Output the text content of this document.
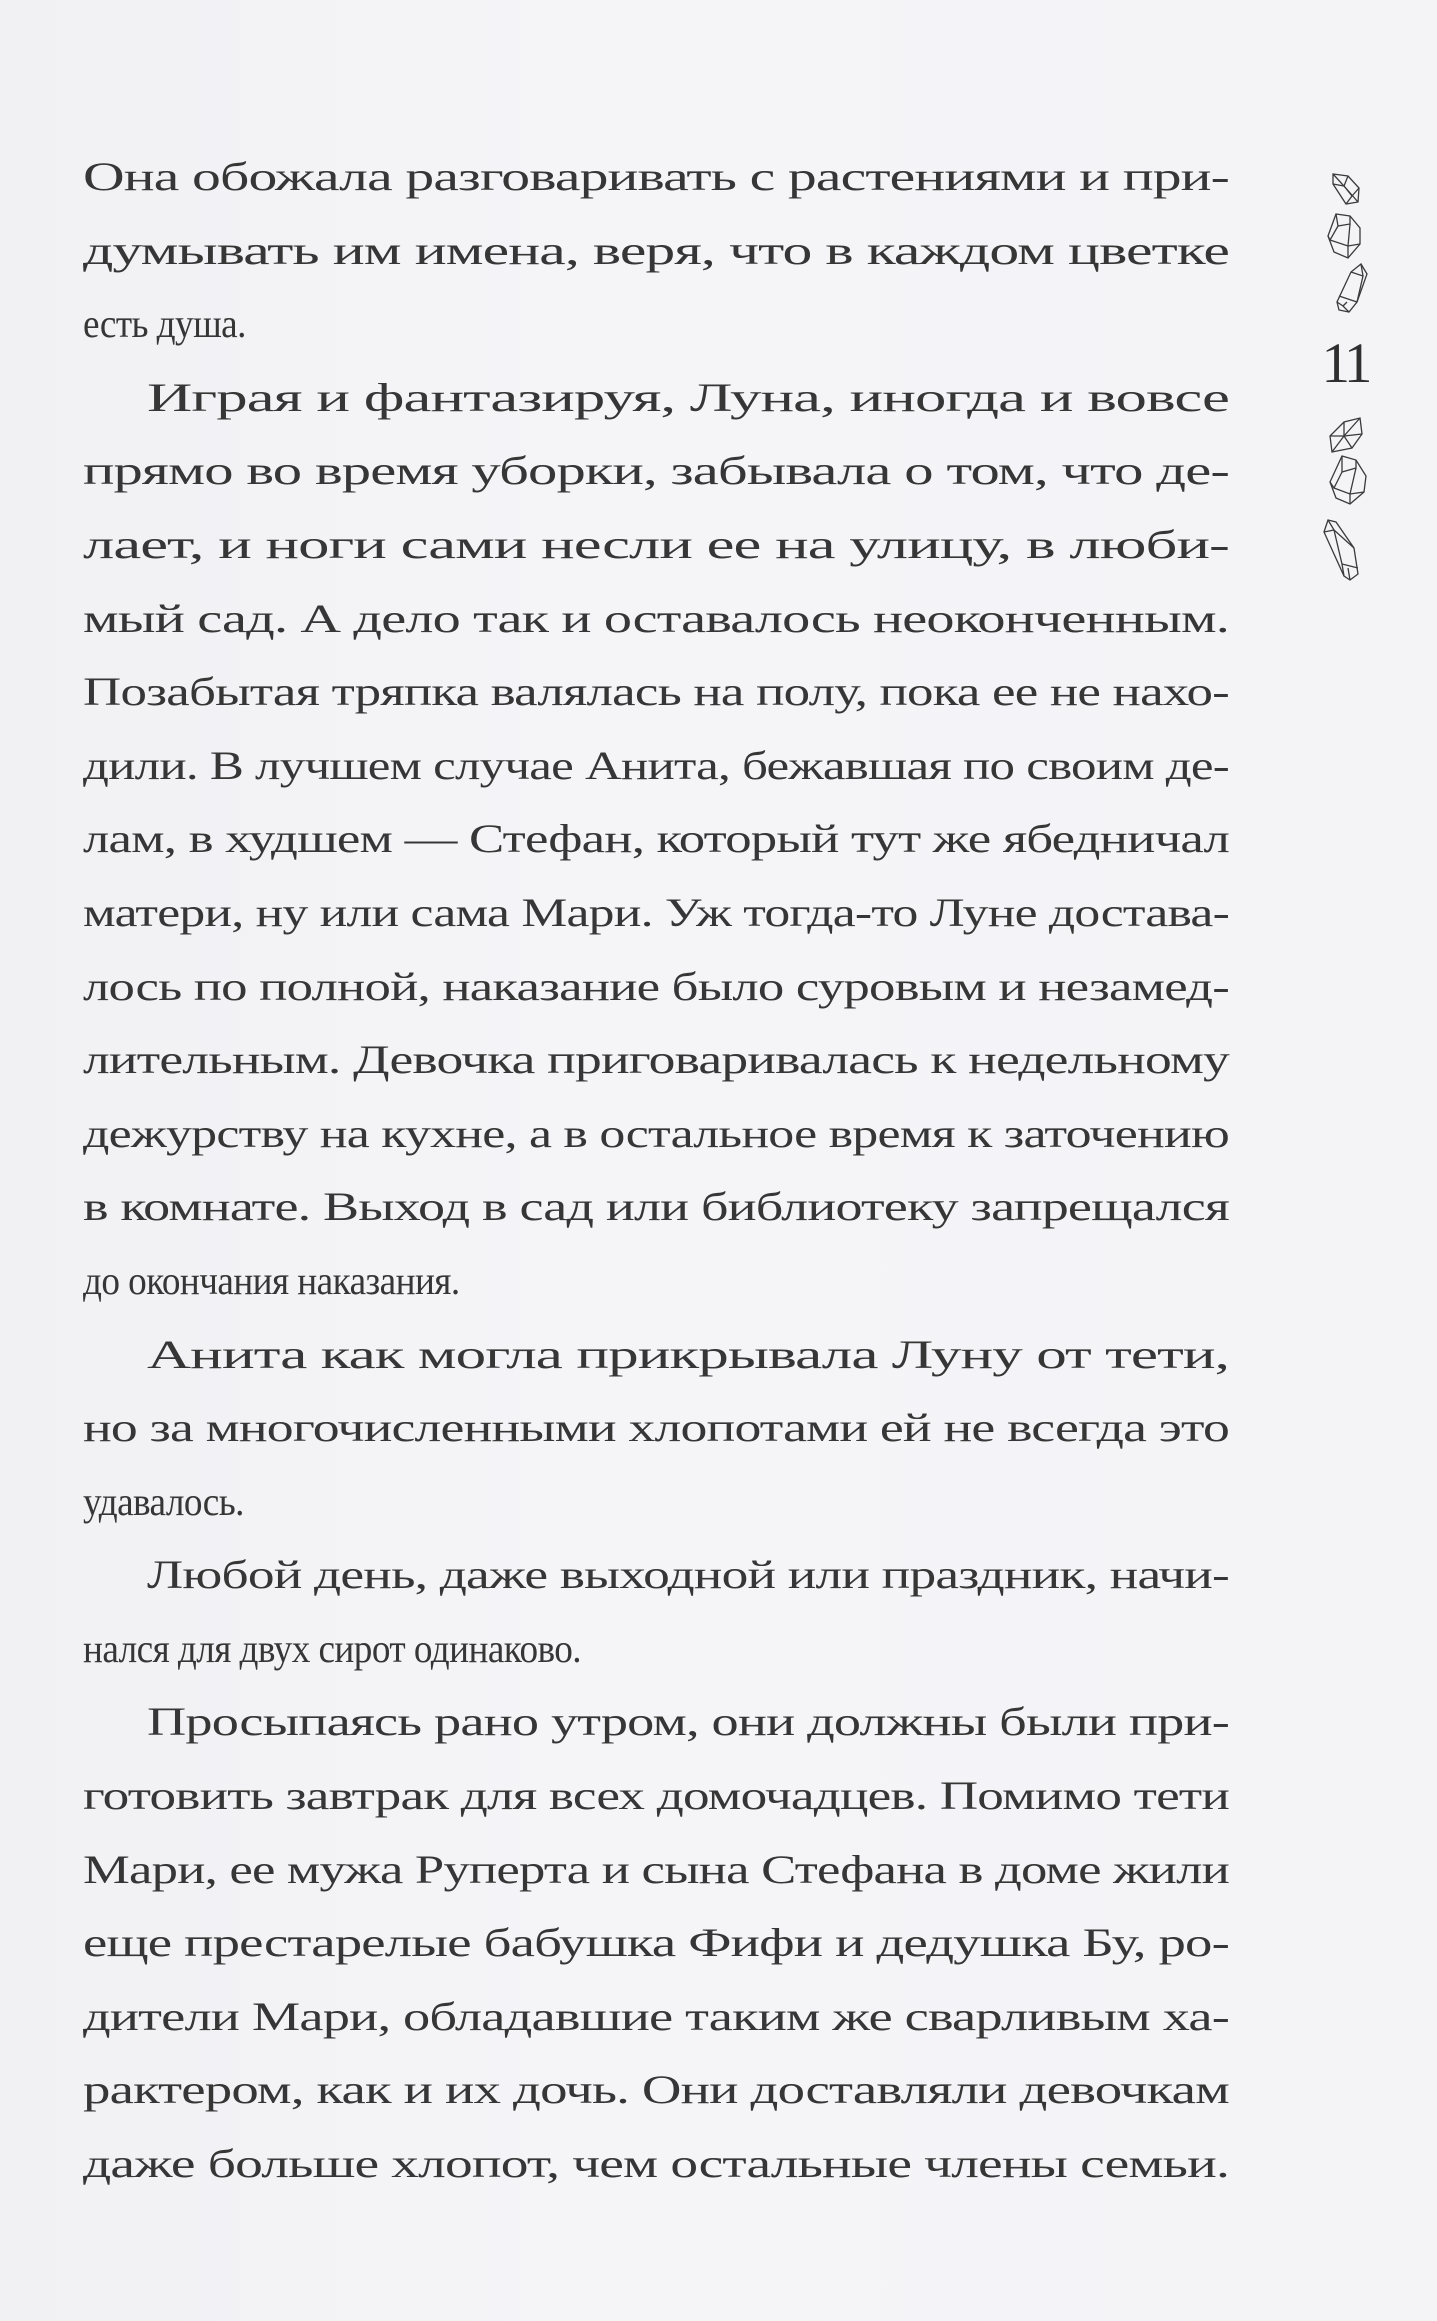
Она обожала разговаривать с растениями и при-
думывать им имена, веря, что в каждом цветке
есть душа.
Играя и фантазируя, Луна, иногда и вовсе
прямо во время уборки, забывала о том, что де-
лает, и ноги сами несли ее на улицу, в люби-
мый сад. А дело так и оставалось неоконченным.
Позабытая тряпка валялась на полу, пока ее не нахо-
дили. В лучшем случае Анита, бежавшая по своим де-
лам, в худшем — Стефан, который тут же ябедничал
матери, ну или сама Мари. Уж тогда-то Луне достава-
лось по полной, наказание было суровым и незамед-
лительным. Девочка приговаривалась к недельному
дежурству на кухне, а в остальное время к заточению
в комнате. Выход в сад или библиотеку запрещался
до окончания наказания.
Анита как могла прикрывала Луну от тети,
но за многочисленными хлопотами ей не всегда это
удавалось.
Любой день, даже выходной или праздник, начи-
нался для двух сирот одинаково.
Просыпаясь рано утром, они должны были при-
готовить завтрак для всех домочадцев. Помимо тети
Мари, ее мужа Руперта и сына Стефана в доме жили
еще престарелые бабушка Фифи и дедушка Бу, ро-
дители Мари, обладавшие таким же сварливым ха-
рактером, как и их дочь. Они доставляли девочкам
даже больше хлопот, чем остальные члены семьи.
11
